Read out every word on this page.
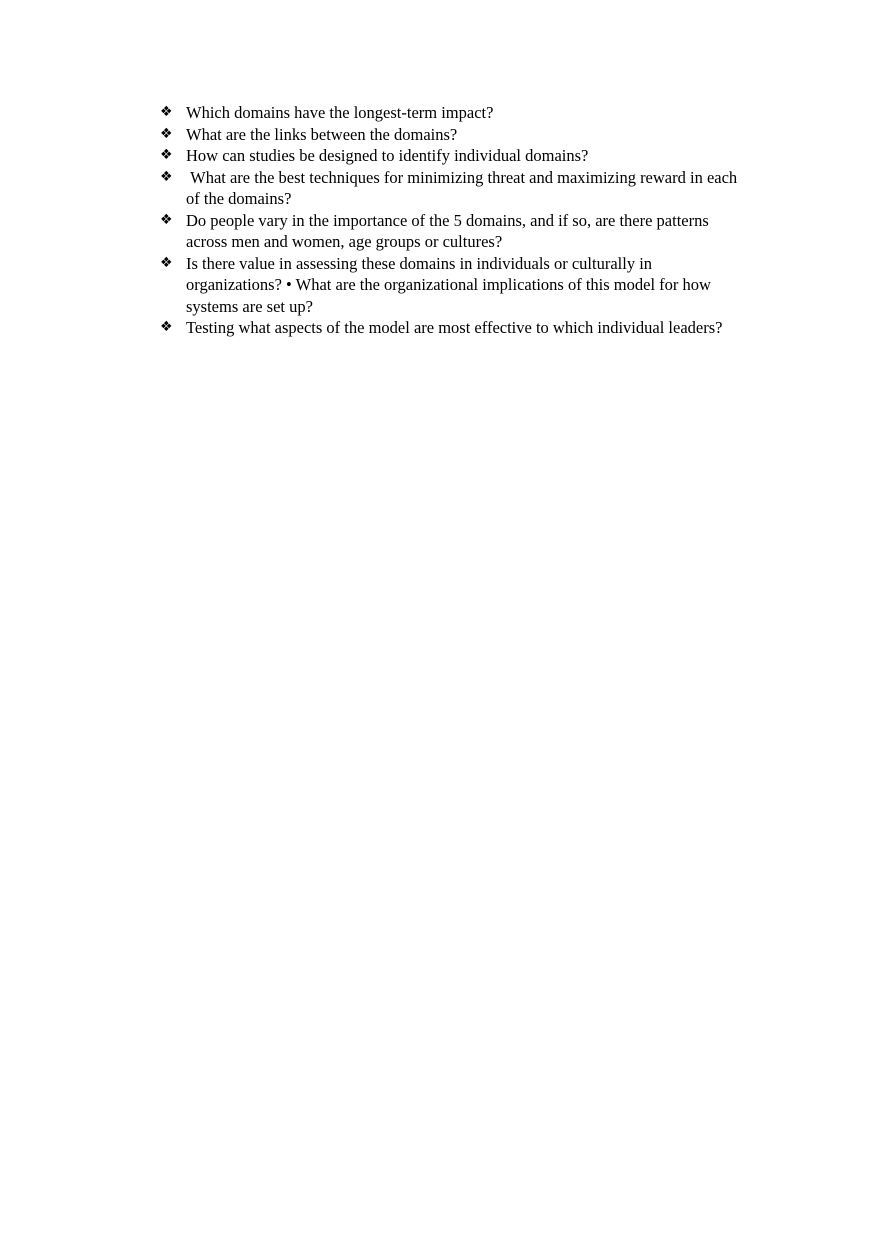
❖ Which domains have the longest-term impact?
❖ What are the links between the domains?
❖ How can studies be designed to identify individual domains?
❖ What are the best techniques for minimizing threat and maximizing reward in each
of the domains?
❖ Do people vary in the importance of the 5 domains, and if so, are there patterns
across men and women, age groups or cultures?
❖ Is there value in assessing these domains in individuals or culturally in
organizations? • What are the organizational implications of this model for how
systems are set up?
❖ Testing what aspects of the model are most effective to which individual leaders?
